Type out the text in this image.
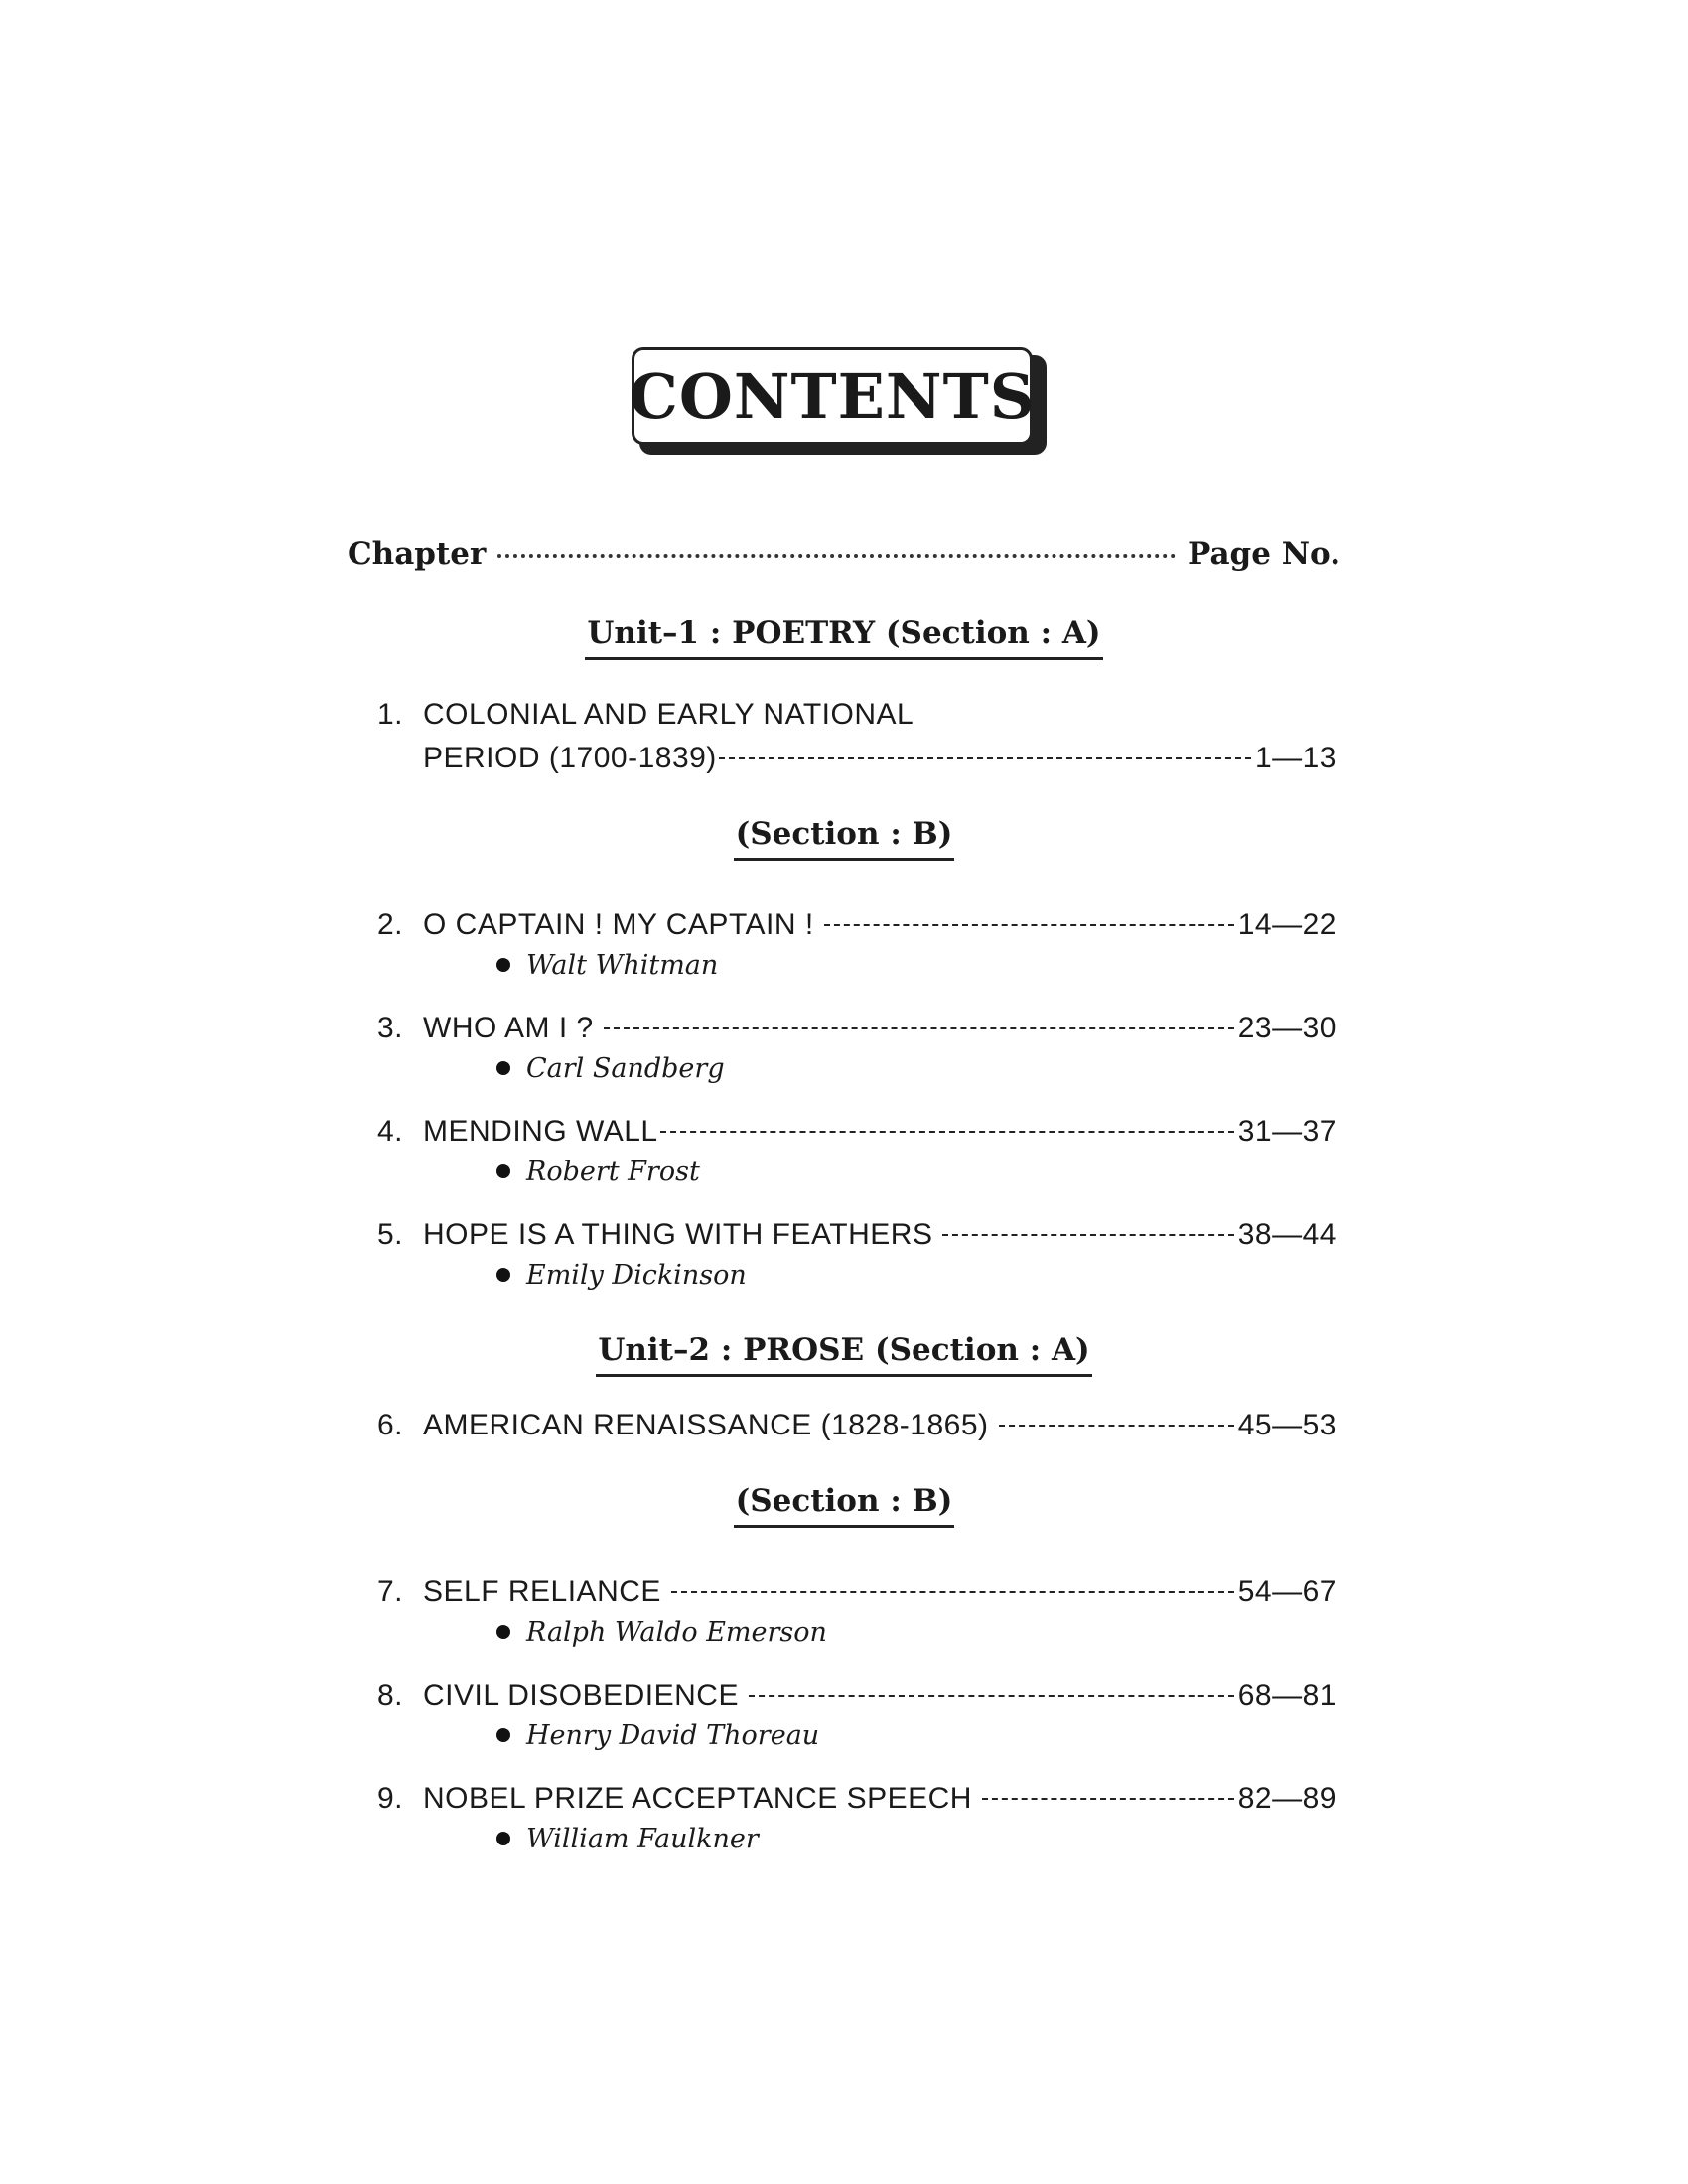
CONTENTS
Chapter	Page No.
Unit–1 : POETRY (Section : A)
1. COLONIAL AND EARLY NATIONAL
PERIOD (1700-1839)	1—13
(Section : B)
2. O CAPTAIN ! MY CAPTAIN !	14—22
Walt Whitman
3. WHO AM I ?	23—30
Carl Sandberg
4. MENDING WALL	31—37
Robert Frost
5. HOPE IS A THING WITH FEATHERS	38—44
Emily Dickinson
Unit–2 : PROSE (Section : A)
6. AMERICAN RENAISSANCE (1828-1865)	45—53
(Section : B)
7. SELF RELIANCE	54—67
Ralph Waldo Emerson
8. CIVIL DISOBEDIENCE	68—81
Henry David Thoreau
9. NOBEL PRIZE ACCEPTANCE SPEECH	82—89
William Faulkner
